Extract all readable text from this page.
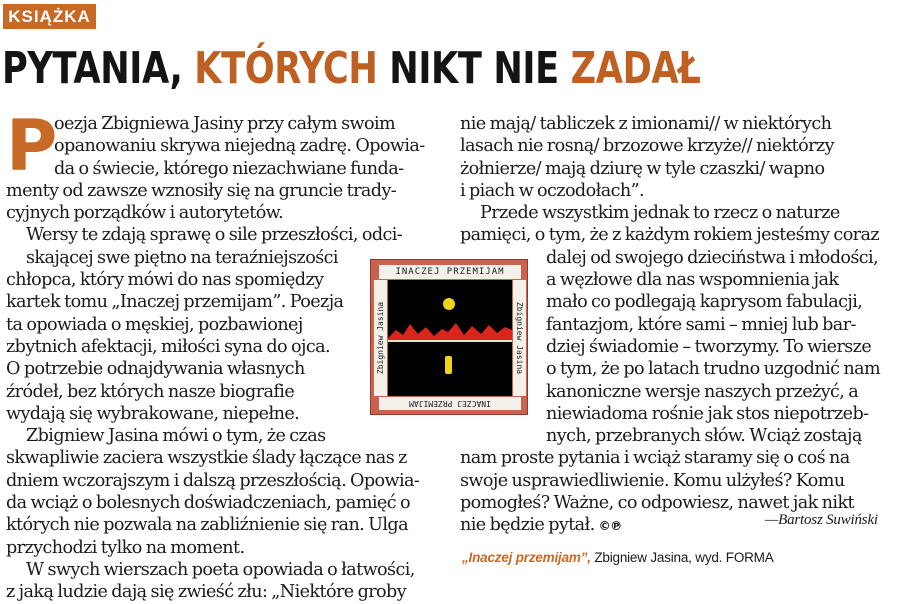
KSIĄŻKA
PYTANIA, KTÓRYCH NIKT NIE ZADAŁ
P
oezja Zbigniewa Jasiny przy całym swoim
opanowaniu skrywa niejedną zadrę. Opowia-
da o świecie, którego niezachwiane funda-
menty od zawsze wznosiły się na gruncie trady-
cyjnych porządków i autorytetów.
Wersy te zdają sprawę o sile przeszłości, odci-
skającej swe piętno na teraźniejszości
chłopca, który mówi do nas spomiędzy
kartek tomu „Inaczej przemijam”. Poezja
ta opowiada o męskiej, pozbawionej
zbytnich afektacji, miłości syna do ojca.
O potrzebie odnajdywania własnych
źródeł, bez których nasze biografie
wydają się wybrakowane, niepełne.
Zbigniew Jasina mówi o tym, że czas
skwapliwie zaciera wszystkie ślady łączące nas z
dniem wczorajszym i dalszą przeszłością. Opowia-
da wciąż o bolesnych doświadczeniach, pamięć o
których nie pozwala na zabliźnienie się ran. Ulga
przychodzi tylko na moment.
W swych wierszach poeta opowiada o łatwości,
z jaką ludzie dają się zwieść złu: „Niektóre groby
nie mają/ tabliczek z imionami// w niektórych
lasach nie rosną/ brzozowe krzyże// niektórzy
żołnierze/ mają dziurę w tyle czaszki/ wapno
i piach w oczodołach”.
Przede wszystkim jednak to rzecz o naturze
pamięci, o tym, że z każdym rokiem jesteśmy coraz
dalej od swojego dzieciństwa i młodości,
a węzłowe dla nas wspomnienia jak
mało co podlegają kaprysom fabulacji,
fantazjom, które sami – mniej lub bar-
dziej świadomie – tworzymy. To wiersze
o tym, że po latach trudno uzgodnić nam
kanoniczne wersje naszych przeżyć, a
niewiadoma rośnie jak stos niepotrzeb-
nych, przebranych słów. Wciąż zostają
nam proste pytania i wciąż staramy się o coś na
swoje usprawiedliwienie. Komu ulżyłeś? Komu
pomogłeś? Ważne, co odpowiesz, nawet jak nikt
nie będzie pytał. ©℗	—Bartosz Suwiński
INACZEJ PRZEMIJAM
Zbigniew Jasina	Zbigniew Jasina
INACZEJ PRZEMIJAM
„Inaczej przemijam”, Zbigniew Jasina, wyd. FORMA
